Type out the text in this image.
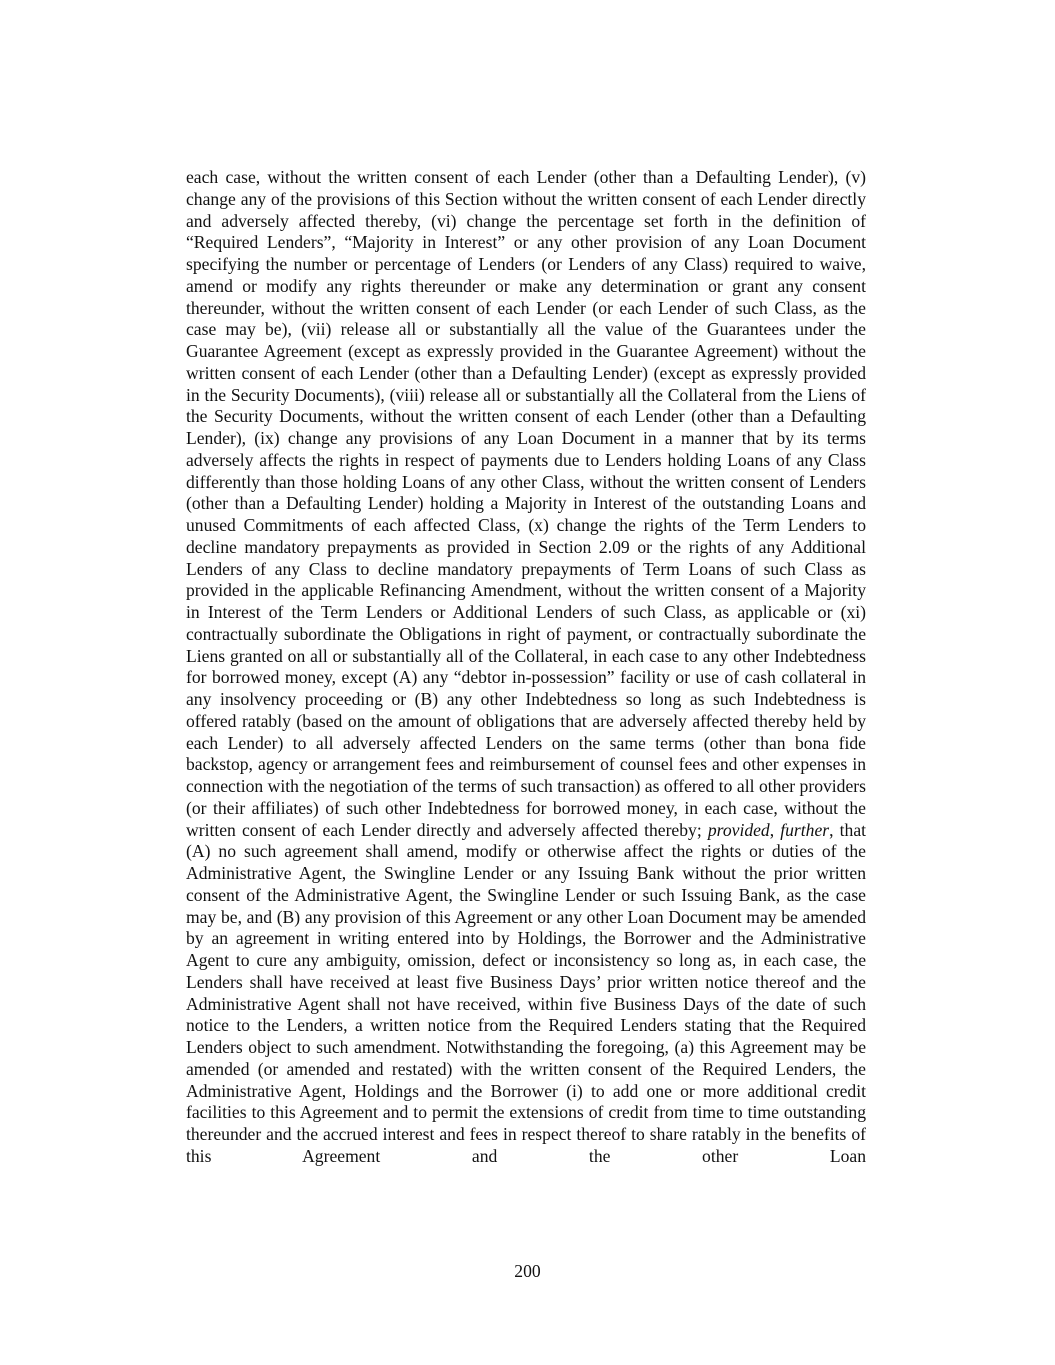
each case, without the written consent of each Lender (other than a Defaulting Lender), (v) change any of the provisions of this Section without the written consent of each Lender directly and adversely affected thereby, (vi) change the percentage set forth in the definition of “Required Lenders”, “Majority in Interest” or any other provision of any Loan Document specifying the number or percentage of Lenders (or Lenders of any Class) required to waive, amend or modify any rights thereunder or make any determination or grant any consent thereunder, without the written consent of each Lender (or each Lender of such Class, as the case may be), (vii) release all or substantially all the value of the Guarantees under the Guarantee Agreement (except as expressly provided in the Guarantee Agreement) without the written consent of each Lender (other than a Defaulting Lender) (except as expressly provided in the Security Documents), (viii) release all or substantially all the Collateral from the Liens of the Security Documents, without the written consent of each Lender (other than a Defaulting Lender), (ix) change any provisions of any Loan Document in a manner that by its terms adversely affects the rights in respect of payments due to Lenders holding Loans of any Class differently than those holding Loans of any other Class, without the written consent of Lenders (other than a Defaulting Lender) holding a Majority in Interest of the outstanding Loans and unused Commitments of each affected Class, (x) change the rights of the Term Lenders to decline mandatory prepayments as provided in Section 2.09 or the rights of any Additional Lenders of any Class to decline mandatory prepayments of Term Loans of such Class as provided in the applicable Refinancing Amendment, without the written consent of a Majority in Interest of the Term Lenders or Additional Lenders of such Class, as applicable or (xi) contractually subordinate the Obligations in right of payment, or contractually subordinate the Liens granted on all or substantially all of the Collateral, in each case to any other Indebtedness for borrowed money, except (A) any “debtor in-possession” facility or use of cash collateral in any insolvency proceeding or (B) any other Indebtedness so long as such Indebtedness is offered ratably (based on the amount of obligations that are adversely affected thereby held by each Lender) to all adversely affected Lenders on the same terms (other than bona fide backstop, agency or arrangement fees and reimbursement of counsel fees and other expenses in connection with the negotiation of the terms of such transaction) as offered to all other providers (or their affiliates) of such other Indebtedness for borrowed money, in each case, without the written consent of each Lender directly and adversely affected thereby; provided, further, that (A) no such agreement shall amend, modify or otherwise affect the rights or duties of the Administrative Agent, the Swingline Lender or any Issuing Bank without the prior written consent of the Administrative Agent, the Swingline Lender or such Issuing Bank, as the case may be, and (B) any provision of this Agreement or any other Loan Document may be amended by an agreement in writing entered into by Holdings, the Borrower and the Administrative Agent to cure any ambiguity, omission, defect or inconsistency so long as, in each case, the Lenders shall have received at least five Business Days’ prior written notice thereof and the Administrative Agent shall not have received, within five Business Days of the date of such notice to the Lenders, a written notice from the Required Lenders stating that the Required Lenders object to such amendment. Notwithstanding the foregoing, (a) this Agreement may be amended (or amended and restated) with the written consent of the Required Lenders, the Administrative Agent, Holdings and the Borrower (i) to add one or more additional credit facilities to this Agreement and to permit the extensions of credit from time to time outstanding thereunder and the accrued interest and fees in respect thereof to share ratably in the benefits of this Agreement and the other Loan

200
